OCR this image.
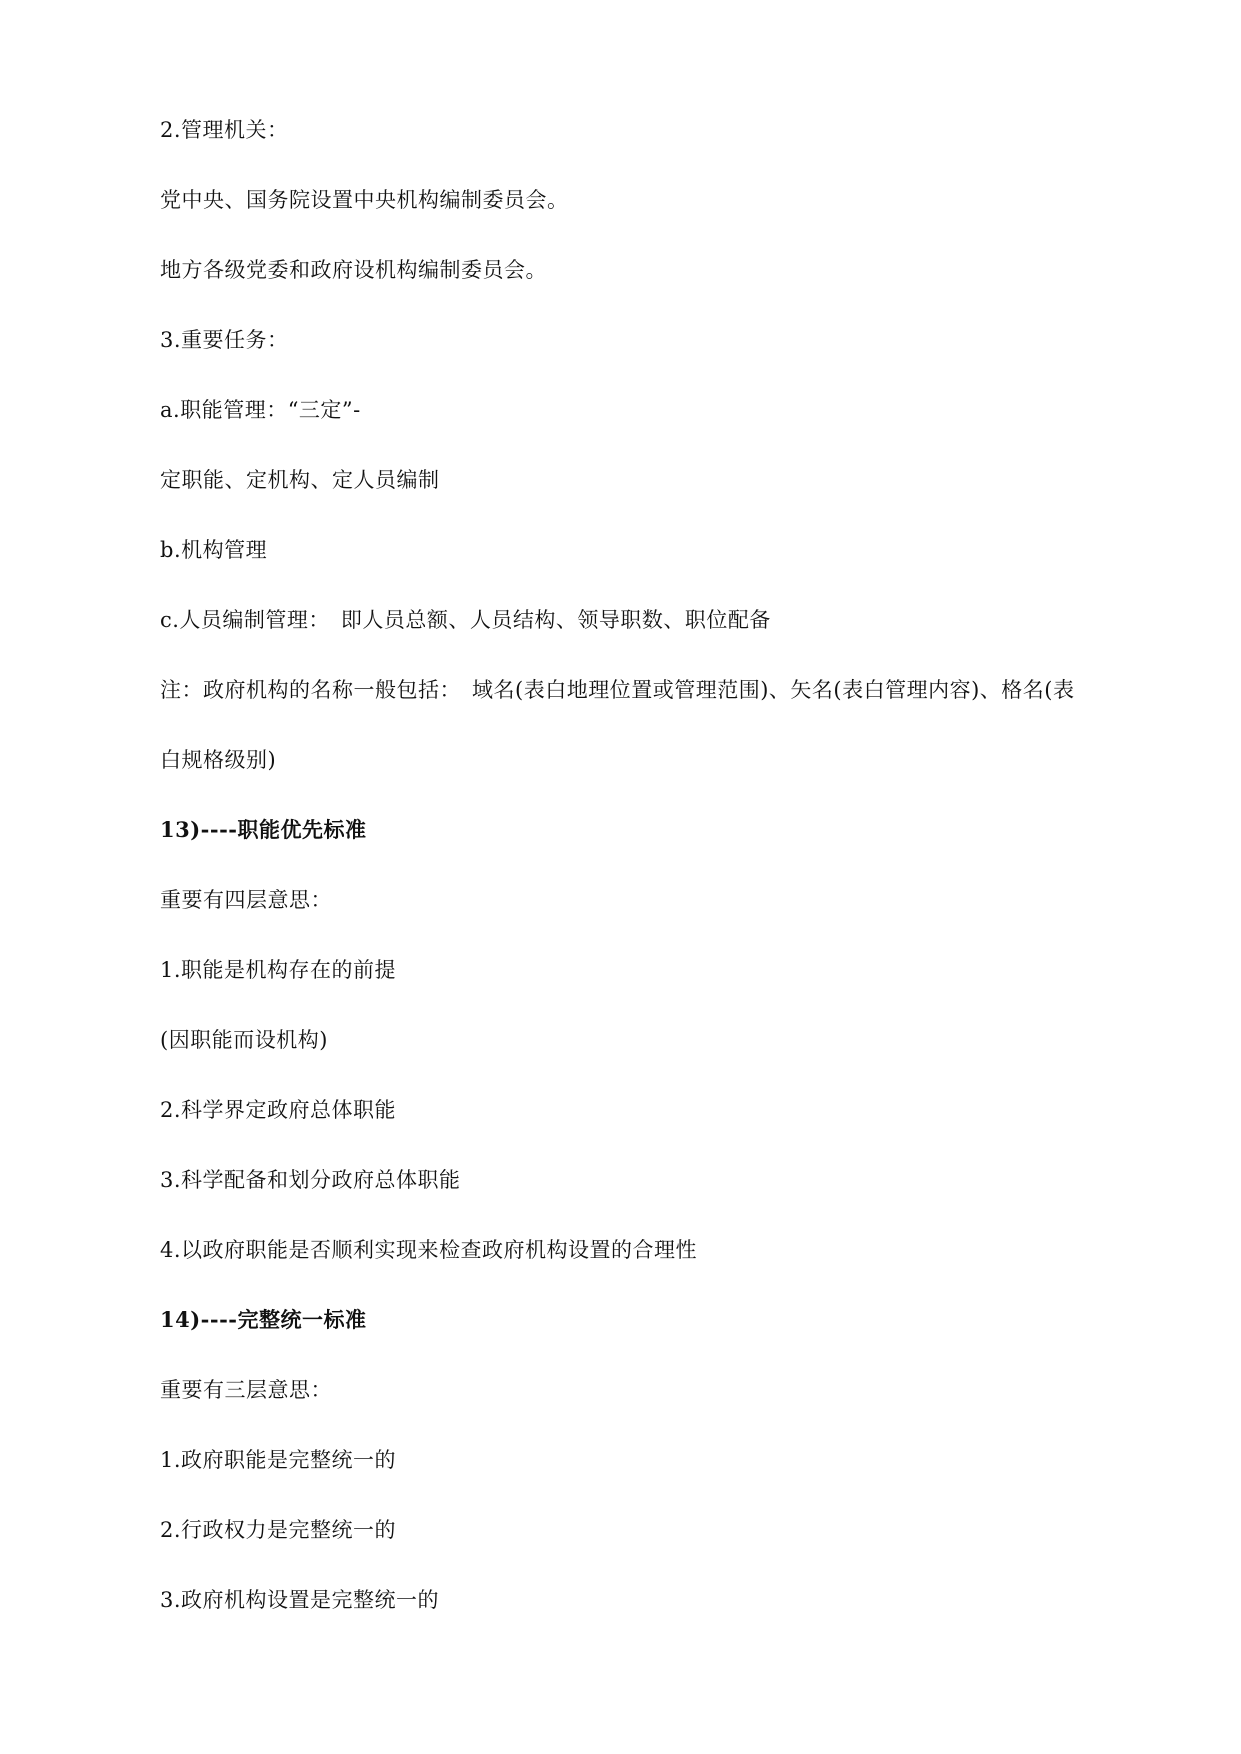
2.管理机关：
党中央、国务院设置中央机构编制委员会。
地方各级党委和政府设机构编制委员会。
3.重要任务：
a.职能管理：“三定”-
定职能、定机构、定人员编制
b.机构管理
c.人员编制管理：　即人员总额、人员结构、领导职数、职位配备
注：政府机构的名称一般包括：　域名(表白地理位置或管理范围)、矢名(表白管理内容)、格名(表
白规格级别)
13)----职能优先标准
重要有四层意思：
1.职能是机构存在的前提
(因职能而设机构)
2.科学界定政府总体职能
3.科学配备和划分政府总体职能
4.以政府职能是否顺利实现来检查政府机构设置的合理性
14)----完整统一标准
重要有三层意思：
1.政府职能是完整统一的
2.行政权力是完整统一的
3.政府机构设置是完整统一的
